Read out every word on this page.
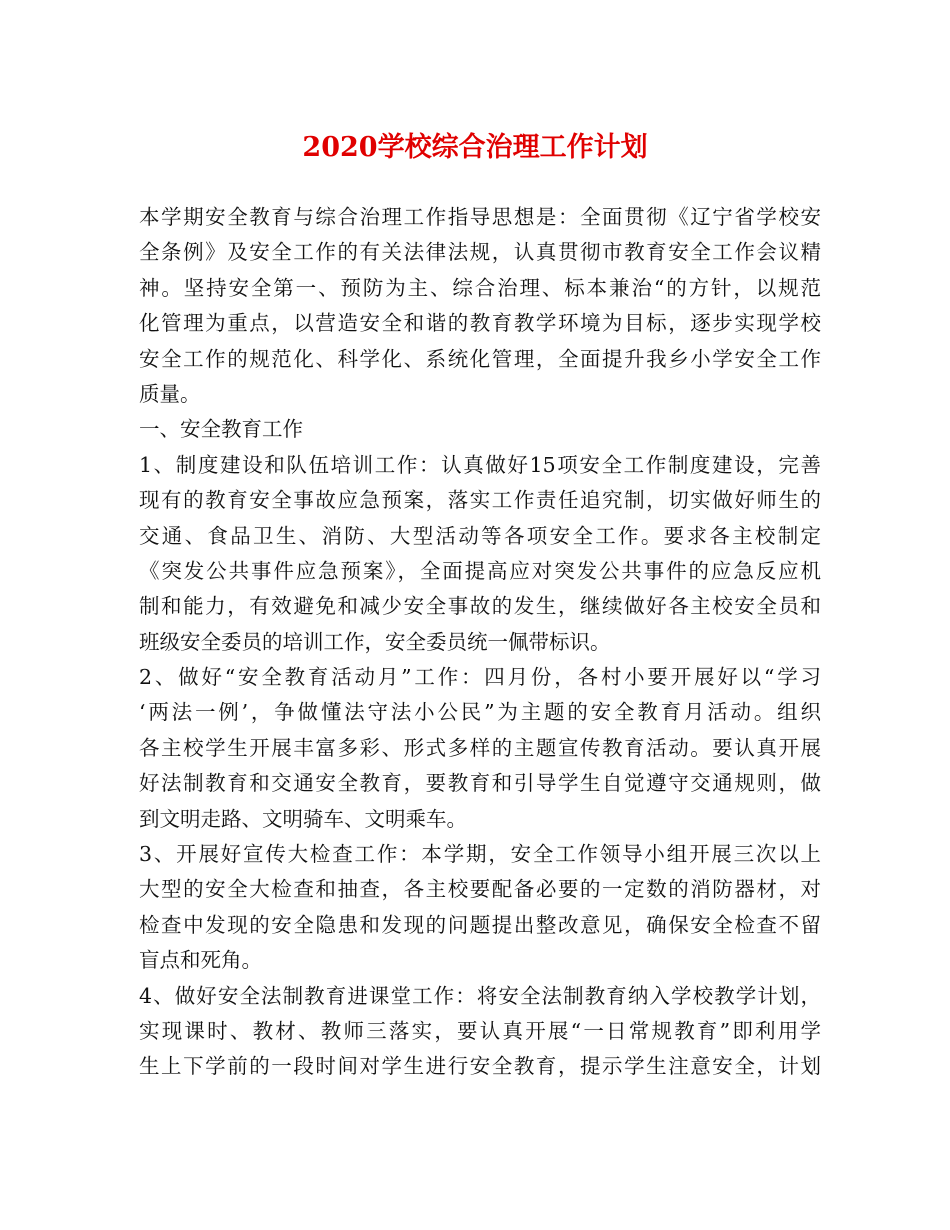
2020学校综合治理工作计划
本学期安全教育与综合治理工作指导思想是：全面贯彻《辽宁省学校安
全条例》及安全工作的有关法律法规，认真贯彻市教育安全工作会议精
神。坚持安全第一、预防为主、综合治理、标本兼治“的方针，以规范
化管理为重点，以营造安全和谐的教育教学环境为目标，逐步实现学校
安全工作的规范化、科学化、系统化管理，全面提升我乡小学安全工作
质量。
一、安全教育工作
1、制度建设和队伍培训工作：认真做好15项安全工作制度建设，完善
现有的教育安全事故应急预案，落实工作责任追究制，切实做好师生的
交通、食品卫生、消防、大型活动等各项安全工作。要求各主校制定
《突发公共事件应急预案》，全面提高应对突发公共事件的应急反应机
制和能力，有效避免和减少安全事故的发生，继续做好各主校安全员和
班级安全委员的培训工作，安全委员统一佩带标识。
2、做好“安全教育活动月”工作：四月份，各村小要开展好以“学习
‘两法一例’，争做懂法守法小公民”为主题的安全教育月活动。组织
各主校学生开展丰富多彩、形式多样的主题宣传教育活动。要认真开展
好法制教育和交通安全教育，要教育和引导学生自觉遵守交通规则，做
到文明走路、文明骑车、文明乘车。
3、开展好宣传大检查工作：本学期，安全工作领导小组开展三次以上
大型的安全大检查和抽查，各主校要配备必要的一定数的消防器材，对
检查中发现的安全隐患和发现的问题提出整改意见，确保安全检查不留
盲点和死角。
4、做好安全法制教育进课堂工作：将安全法制教育纳入学校教学计划，
实现课时、教材、教师三落实，要认真开展“一日常规教育”即利用学
生上下学前的一段时间对学生进行安全教育，提示学生注意安全，计划
